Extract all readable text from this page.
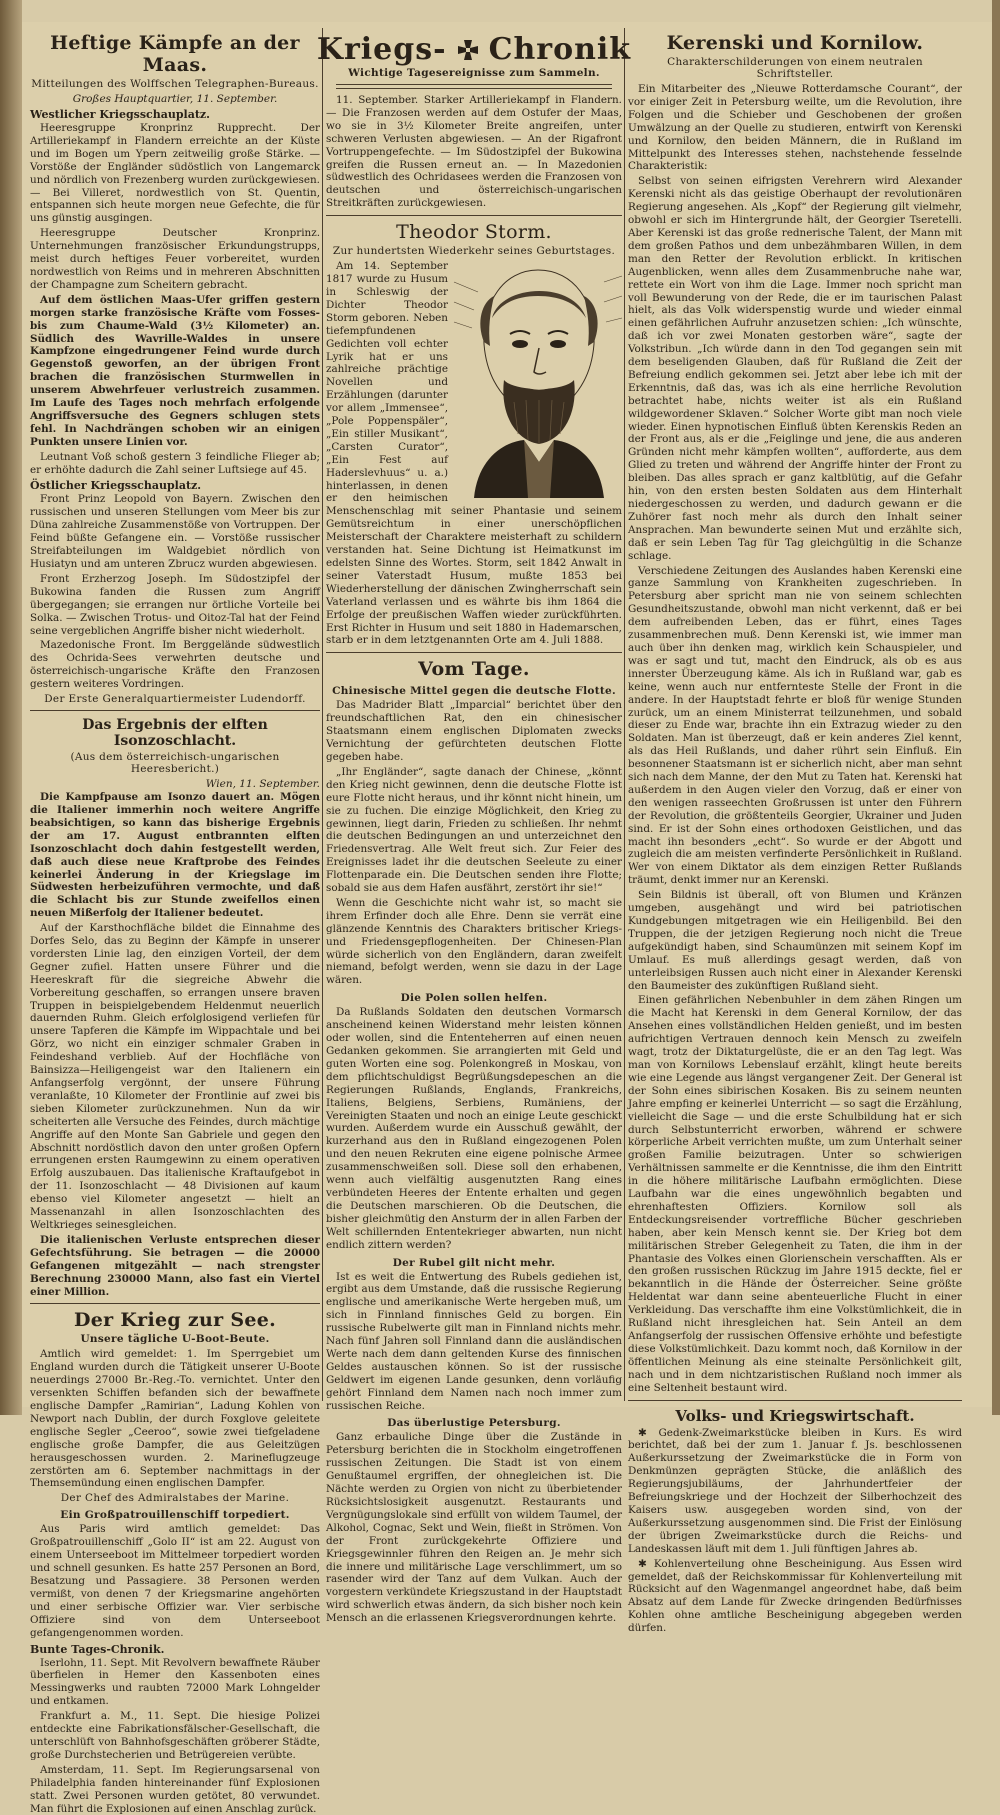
Heftige Kämpfe an der Maas.
Mitteilungen des Wolffschen Telegraphen-Bureaus.
Großes Hauptquartier, 11. September.
Westlicher Kriegsschauplatz.

Heeresgruppe Kronprinz Rupprecht. Der Artilleriekampf in Flandern erreichte an der Küste und im Bogen um Ypern zeitweilig große Stärke. — Vorstöße der Engländer südöstlich von Langemarck und nördlich von Frezenberg wurden zurückgewiesen. — Bei Villeret, nordwestlich von St. Quentin, entspannen sich heute morgen neue Gefechte, die für uns günstig ausgingen.

Heeresgruppe Deutscher Kronprinz. Unternehmungen französischer Erkundungstrupps, meist durch heftiges Feuer vorbereitet, wurden nordwestlich von Reims und in mehreren Abschnitten der Champagne zum Scheitern gebracht.

Auf dem östlichen Maas-Ufer griffen gestern morgen starke französische Kräfte vom Fosses-bis zum Chaume-Wald (3½ Kilometer) an. Südlich des Wavrille-Waldes in unsere Kampfzone eingedrungener Feind wurde durch Gegenstoß geworfen, an der übrigen Front brachen die französischen Sturmwellen in unserem Abwehrfeuer verlustreich zusammen. Im Laufe des Tages noch mehrfach erfolgende Angriffsversuche des Gegners schlugen stets fehl. In Nachdrängen schoben wir an einigen Punkten unsere Linien vor.

Leutnant Voß schoß gestern 3 feindliche Flieger ab; er erhöhte dadurch die Zahl seiner Luftsiege auf 45.

Östlicher Kriegsschauplatz.

Front Prinz Leopold von Bayern. Zwischen den russischen und unseren Stellungen vom Meer bis zur Düna zahlreiche Zusammenstöße von Vortruppen. Der Feind büßte Gefangene ein. — Vorstöße russischer Streifabteilungen im Waldgebiet nördlich von Husiatyn und am unteren Zbrucz wurden abgewiesen.

Front Erzherzog Joseph. Im Südostzipfel der Bukowina fanden die Russen zum Angriff übergegangen; sie errangen nur örtliche Vorteile bei Solka. — Zwischen Trotus- und Oitoz-Tal hat der Feind seine vergeblichen Angriffe bisher nicht wiederholt.

Mazedonische Front. Im Berggelände südwestlich des Ochrida-Sees verwehrten deutsche und österreichisch-ungarische Kräfte den Franzosen gestern weiteres Vordringen.

Der Erste Generalquartiermeister Ludendorff.
Das Ergebnis der elften Isonzoschlacht.
(Aus dem österreichisch-ungarischen Heeresbericht.)
Wien, 11. September.

Die Kampfpause am Isonzo dauert an. Mögen die Italiener immerhin noch weitere Angriffe beabsichtigen, so kann das bisherige Ergebnis der am 17. August entbrannten elften Isonzoschlacht doch dahin festgestellt werden, daß auch diese neue Kraftprobe des Feindes keinerlei Änderung in der Kriegslage im Südwesten herbeizuführen vermochte, und daß die Schlacht bis zur Stunde zweifellos einen neuen Mißerfolg der Italiener bedeutet.

Auf der Karsthochfläche bildet die Einnahme des Dorfes Selo, das zu Beginn der Kämpfe in unserer vordersten Linie lag, den einzigen Vorteil, der dem Gegner zufiel. Hatten unsere Führer und die Heereskraft für die siegreiche Abwehr die Vorbereitung geschaffen, so errangen unsere braven Truppen in beispielgebendem Heldenmut neuerlich dauernden Ruhm. Gleich erfolglosigend verliefen für unsere Tapferen die Kämpfe im Wippachtale und bei Görz, wo nicht ein einziger schmaler Graben in Feindeshand verblieb. Auf der Hochfläche von Bainsizza—Heiligengeist war den Italienern ein Anfangserfolg vergönnt, der unsere Führung veranlaßte, 10 Kilometer der Frontlinie auf zwei bis sieben Kilometer zurückzunehmen. Nun da wir scheiterten alle Versuche des Feindes, durch mächtige Angriffe auf den Monte San Gabriele und gegen den Abschnitt nordöstlich davon den unter großen Opfern errungenen ersten Raumgewinn zu einem operativen Erfolg auszubauen. Das italienische Kraftaufgebot in der 11. Isonzoschlacht — 48 Divisionen auf kaum ebenso viel Kilometer angesetzt — hielt an Massenanzahl in allen Isonzoschlachten des Weltkrieges seinesgleichen.

Die italienischen Verluste entsprechen dieser Gefechtsführung. Sie betragen — die 20000 Gefangenen mitgezählt — nach strengster Berechnung 230000 Mann, also fast ein Viertel einer Million.

Der Krieg zur See.
Unsere tägliche U-Boot-Beute.

Amtlich wird gemeldet: 1. Im Sperrgebiet um England wurden durch die Tätigkeit unserer U-Boote neuerdings 27000 Br.-Reg.-To. vernichtet. Unter den versenkten Schiffen befanden sich der bewaffnete englische Dampfer „Ramirian“, Ladung Kohlen von Newport nach Dublin, der durch Foxglove geleitete englische Segler „Ceeroo“, sowie zwei tiefgeladene englische große Dampfer, die aus Geleitzügen herausgeschossen wurden. 2. Marineflugzeuge zerstörten am 6. September nachmittags in der Themsemündung einen englischen Dampfer.

Der Chef des Admiralstabes der Marine.
Ein Großpatrouillenschiff torpediert.

Aus Paris wird amtlich gemeldet: Das Großpatrouillenschiff „Golo II“ ist am 22. August von einem Unterseeboot im Mittelmeer torpediert worden und schnell gesunken. Es hatte 257 Personen an Bord, Besatzung und Passagiere. 38 Personen werden vermißt, von denen 7 der Kriegsmarine angehörten und einer serbische Offizier war. Vier serbische Offiziere sind von dem Unterseeboot gefangengenommen worden.

Bunte Tages-Chronik.

Iserlohn, 11. Sept. Mit Revolvern bewaffnete Räuber überfielen in Hemer den Kassenboten eines Messingwerks und raubten 72000 Mark Lohngelder und entkamen.

Frankfurt a. M., 11. Sept. Die hiesige Polizei entdeckte eine Fabrikationsfälscher-Gesellschaft, die unterschlüft von Bahnhofsgeschäften gröberer Städte, große Durchstecherien und Betrügereien verübte.

Amsterdam, 11. Sept. Im Regierungsarsenal von Philadelphia fanden hintereinander fünf Explosionen statt. Zwei Personen wurden getötet, 80 verwundet. Man führt die Explosionen auf einen Anschlag zurück.

Kriegs- Chronik
Wichtige Tagesereignisse zum Sammeln.

11. September. Starker Artilleriekampf in Flandern. — Die Franzosen werden auf dem Ostufer der Maas, wo sie in 3½ Kilometer Breite angreifen, unter schweren Verlusten abgewiesen. — An der Rigafront Vortruppengefechte. — Im Südostzipfel der Bukowina greifen die Russen erneut an. — In Mazedonien südwestlich des Ochridasees werden die Franzosen von deutschen und österreichisch-ungarischen Streitkräften zurückgewiesen.

Theodor Storm.
Zur hundertsten Wiederkehr seines Geburtstages.

Am 14. September 1817 wurde zu Husum in Schleswig der Dichter Theodor Storm geboren. Neben tiefempfundenen Gedichten voll echter Lyrik hat er uns zahlreiche prächtige Novellen und Erzählungen (darunter vor allem „Immensee“, „Pole Poppenspäler“, „Ein stiller Musikant“, „Carsten Curator“, „Ein Fest auf Haderslevhuus“ u. a.) hinterlassen, in denen er den heimischen Menschenschlag mit seiner Phantasie und seinem Gemütsreichtum in einer unerschöpflichen Meisterschaft der Charaktere meisterhaft zu schildern verstanden hat. Seine Dichtung ist Heimatkunst im edelsten Sinne des Wortes. Storm, seit 1842 Anwalt in seiner Vaterstadt Husum, mußte 1853 bei Wiederherstellung der dänischen Zwingherrschaft sein Vaterland verlassen und es währte bis ihm 1864 die Erfolge der preußischen Waffen wieder zurückführten. Erst Richter in Husum und seit 1880 in Hademarschen, starb er in dem letztgenannten Orte am 4. Juli 1888.

Vom Tage.
Chinesische Mittel gegen die deutsche Flotte.

Das Madrider Blatt „Imparcial“ berichtet über den freundschaftlichen Rat, den ein chinesischer Staatsmann einem englischen Diplomaten zwecks Vernichtung der gefürchteten deutschen Flotte gegeben habe.

„Ihr Engländer“, sagte danach der Chinese, „könnt den Krieg nicht gewinnen, denn die deutsche Flotte ist eure Flotte nicht heraus, und ihr könnt nicht hinein, um sie zu fuchen. Die einzige Möglichkeit, den Krieg zu gewinnen, liegt darin, Frieden zu schließen. Ihr nehmt die deutschen Bedingungen an und unterzeichnet den Friedensvertrag. Alle Welt freut sich. Zur Feier des Ereignisses ladet ihr die deutschen Seeleute zu einer Flottenparade ein. Die Deutschen senden ihre Flotte; sobald sie aus dem Hafen ausfährt, zerstört ihr sie!“

Wenn die Geschichte nicht wahr ist, so macht sie ihrem Erfinder doch alle Ehre. Denn sie verrät eine glänzende Kenntnis des Charakters britischer Kriegs- und Friedensgepflogenheiten. Der Chinesen-Plan würde sicherlich von den Engländern, daran zweifelt niemand, befolgt werden, wenn sie dazu in der Lage wären.

Die Polen sollen helfen.

Da Rußlands Soldaten den deutschen Vormarsch anscheinend keinen Widerstand mehr leisten können oder wollen, sind die Ententeherren auf einen neuen Gedanken gekommen. Sie arrangierten mit Geld und guten Worten eine sog. Polenkongreß in Moskau, von dem pflichtschuldigst Begrüßungsdepeschen an die Regierungen Rußlands, Englands, Frankreichs, Italiens, Belgiens, Serbiens, Rumäniens, der Vereinigten Staaten und noch an einige Leute geschickt wurden. Außerdem wurde ein Ausschuß gewählt, der kurzerhand aus den in Rußland eingezogenen Polen und den neuen Rekruten eine eigene polnische Armee zusammenschweißen soll. Diese soll den erhabenen, wenn auch vielfältig ausgenutzten Rang eines verbündeten Heeres der Entente erhalten und gegen die Deutschen marschieren. Ob die Deutschen, die bisher gleichmütig den Ansturm der in allen Farben der Welt schillernden Ententekrieger abwarten, nun nicht endlich zittern werden?

Der Rubel gilt nicht mehr.

Ist es weit die Entwertung des Rubels gediehen ist, ergibt aus dem Umstande, daß die russische Regierung englische und amerikanische Werte hergeben muß, um sich in Finnland finnisches Geld zu borgen. Ein russische Rubelwerte gilt man in Finnland nichts mehr. Nach fünf Jahren soll Finnland dann die ausländischen Werte nach dem dann geltenden Kurse des finnischen Geldes austauschen können. So ist der russische Geldwert im eigenen Lande gesunken, denn vorläufig gehört Finnland dem Namen nach noch immer zum russischen Reiche.

Das überlustige Petersburg.

Ganz erbauliche Dinge über die Zustände in Petersburg berichten die in Stockholm eingetroffenen russischen Zeitungen. Die Stadt ist von einem Genußtaumel ergriffen, der ohnegleichen ist. Die Nächte werden zu Orgien von nicht zu überbietender Rücksichtslosigkeit ausgenutzt. Restaurants und Vergnügungslokale sind erfüllt von wildem Taumel, der Alkohol, Cognac, Sekt und Wein, fließt in Strömen. Von der Front zurückgekehrte Offiziere und Kriegsgewinnler führen den Reigen an. Je mehr sich die innere und militärische Lage verschlimmert, um so rasender wird der Tanz auf dem Vulkan. Auch der vorgestern verkündete Kriegszustand in der Hauptstadt wird schwerlich etwas ändern, da sich bisher noch kein Mensch an die erlassenen Kriegsverordnungen kehrte.

Kerenski und Kornilow.
Charakterschilderungen von einem neutralen Schriftsteller.

Ein Mitarbeiter des „Nieuwe Rotterdamsche Courant“, der vor einiger Zeit in Petersburg weilte, um die Revolution, ihre Folgen und die Schieber und Geschobenen der großen Umwälzung an der Quelle zu studieren, entwirft von Kerenski und Kornilow, den beiden Männern, die in Rußland im Mittelpunkt des Interesses stehen, nachstehende fesselnde Charakteristik:

Selbst von seinen eifrigsten Verehrern wird Alexander Kerenski nicht als das geistige Oberhaupt der revolutionären Regierung angesehen. Als „Kopf“ der Regierung gilt vielmehr, obwohl er sich im Hintergrunde hält, der Georgier Tseretelli. Aber Kerenski ist das große rednerische Talent, der Mann mit dem großen Pathos und dem unbezähmbaren Willen, in dem man den Retter der Revolution erblickt. In kritischen Augenblicken, wenn alles dem Zusammenbruche nahe war, rettete ein Wort von ihm die Lage. Immer noch spricht man voll Bewunderung von der Rede, die er im taurischen Palast hielt, als das Volk widerspenstig wurde und wieder einmal einen gefährlichen Aufruhr anzusetzen schien: „Ich wünschte, daß ich vor zwei Monaten gestorben wäre“, sagte der Volkstribun. „Ich würde dann in den Tod gegangen sein mit dem beseligenden Glauben, daß für Rußland die Zeit der Befreiung endlich gekommen sei. Jetzt aber lebe ich mit der Erkenntnis, daß das, was ich als eine herrliche Revolution betrachtet habe, nichts weiter ist als ein Rußland wildgewordener Sklaven.“ Solcher Worte gibt man noch viele wieder. Einen hypnotischen Einfluß übten Kerenskis Reden an der Front aus, als er die „Feiglinge und jene, die aus anderen Gründen nicht mehr kämpfen wollten“, aufforderte, aus dem Glied zu treten und während der Angriffe hinter der Front zu bleiben. Das alles sprach er ganz kaltblütig, auf die Gefahr hin, von den ersten besten Soldaten aus dem Hinterhalt niedergeschossen zu werden, und dadurch gewann er die Zuhörer fast noch mehr als durch den Inhalt seiner Ansprachen. Man bewunderte seinen Mut und erzählte sich, daß er sein Leben Tag für Tag gleichgültig in die Schanze schlage.

Verschiedene Zeitungen des Auslandes haben Kerenski eine ganze Sammlung von Krankheiten zugeschrieben. In Petersburg aber spricht man nie von seinem schlechten Gesundheitszustande, obwohl man nicht verkennt, daß er bei dem aufreibenden Leben, das er führt, eines Tages zusammenbrechen muß. Denn Kerenski ist, wie immer man auch über ihn denken mag, wirklich kein Schauspieler, und was er sagt und tut, macht den Eindruck, als ob es aus innerster Überzeugung käme. Als ich in Rußland war, gab es keine, wenn auch nur entfernteste Stelle der Front in die andere. In der Hauptstadt fehrte er bloß für wenige Stunden zurück, um an einem Ministerrat teilzunehmen, und sobald dieser zu Ende war, brachte ihn ein Extrazug wieder zu den Soldaten. Man ist überzeugt, daß er kein anderes Ziel kennt, als das Heil Rußlands, und daher rührt sein Einfluß. Ein besonnener Staatsmann ist er sicherlich nicht, aber man sehnt sich nach dem Manne, der den Mut zu Taten hat. Kerenski hat außerdem in den Augen vieler den Vorzug, daß er einer von den wenigen rasseechten Großrussen ist unter den Führern der Revolution, die größtenteils Georgier, Ukrainer und Juden sind. Er ist der Sohn eines orthodoxen Geistlichen, und das macht ihn besonders „echt“. So wurde er der Abgott und zugleich die am meisten verfinderte Persönlichkeit in Rußland. Wer von einem Diktator als dem einzigen Retter Rußlands träumt, denkt immer nur an Kerenski.

Sein Bildnis ist überall, oft von Blumen und Kränzen umgeben, ausgehängt und wird bei patriotischen Kundgebungen mitgetragen wie ein Heiligenbild. Bei den Truppen, die der jetzigen Regierung noch nicht die Treue aufgekündigt haben, sind Schaumünzen mit seinem Kopf im Umlauf. Es muß allerdings gesagt werden, daß von unterleibsigen Russen auch nicht einer in Alexander Kerenski den Baumeister des zukünftigen Rußland sieht.

Einen gefährlichen Nebenbuhler in dem zähen Ringen um die Macht hat Kerenski in dem General Kornilow, der das Ansehen eines vollständlichen Helden genießt, und im besten aufrichtigen Vertrauen dennoch kein Mensch zu zweifeln wagt, trotz der Diktaturgelüste, die er an den Tag legt. Was man von Kornilows Lebenslauf erzählt, klingt heute bereits wie eine Legende aus längst vergangener Zeit. Der General ist der Sohn eines sibirischen Kosaken. Bis zu seinem neunten Jahre empfing er keinerlei Unterricht — so sagt die Erzählung, vielleicht die Sage — und die erste Schulbildung hat er sich durch Selbstunterricht erworben, während er schwere körperliche Arbeit verrichten mußte, um zum Unterhalt seiner großen Familie beizutragen. Unter so schwierigen Verhältnissen sammelte er die Kenntnisse, die ihm den Eintritt in die höhere militärische Laufbahn ermöglichten. Diese Laufbahn war die eines ungewöhnlich begabten und ehrenhaftesten Offiziers. Kornilow soll als Entdeckungsreisender vortreffliche Bücher geschrieben haben, aber kein Mensch kennt sie. Der Krieg bot dem militärischen Streber Gelegenheit zu Taten, die ihm in der Phantasie des Volkes einen Glorienschein verschafften. Als er den großen russischen Rückzug im Jahre 1915 deckte, fiel er bekanntlich in die Hände der Österreicher. Seine größte Heldentat war dann seine abenteuerliche Flucht in einer Verkleidung. Das verschaffte ihm eine Volkstümlichkeit, die in Rußland nicht ihresgleichen hat. Sein Anteil an dem Anfangserfolg der russischen Offensive erhöhte und befestigte diese Volkstümlichkeit. Dazu kommt noch, daß Kornilow in der öffentlichen Meinung als eine steinalte Persönlichkeit gilt, nach und in dem nichtzaristischen Rußland noch immer als eine Seltenheit bestaunt wird.

Volks- und Kriegswirtschaft.

✱ Gedenk-Zweimarkstücke bleiben in Kurs. Es wird berichtet, daß bei der zum 1. Januar f. Js. beschlossenen Außerkurssetzung der Zweimarkstücke die in Form von Denkmünzen geprägten Stücke, die anläßlich des Regierungsjubiläums, der Jahrhundertfeier der Befreiungskriege und der Hochzeit der Silberhochzeit des Kaisers usw. ausgegeben worden sind, von der Außerkurssetzung ausgenommen sind. Die Frist der Einlösung der übrigen Zweimarkstücke durch die Reichs- und Landeskassen läuft mit dem 1. Juli fünftigen Jahres ab.

✱ Kohlenverteilung ohne Bescheinigung. Aus Essen wird gemeldet, daß der Reichskommissar für Kohlenverteilung mit Rücksicht auf den Wagenmangel angeordnet habe, daß beim Absatz auf dem Lande für Zwecke dringenden Bedürfnisses Kohlen ohne amtliche Bescheinigung abgegeben werden dürfen.
